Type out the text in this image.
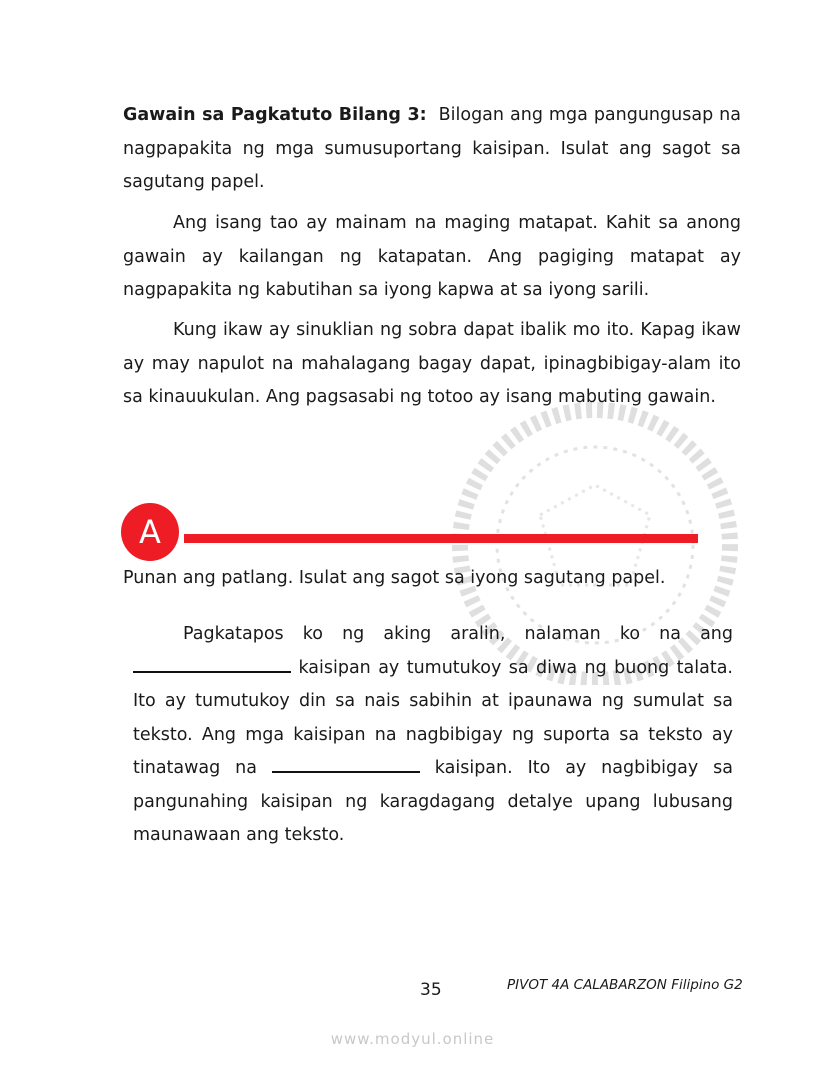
Gawain sa Pagkatuto Bilang 3: Bilogan ang mga pangungusap na nagpapakita ng mga sumusuportang kaisipan. Isulat ang sagot sa sagutang papel.
Ang isang tao ay mainam na maging matapat. Kahit sa anong gawain ay kailangan ng katapatan. Ang pagiging matapat ay nagpapakita ng kabutihan sa iyong kapwa at sa iyong sarili.
Kung ikaw ay sinuklian ng sobra dapat ibalik mo ito. Kapag ikaw ay may napulot na mahalagang bagay dapat, ipinagbibigay-alam ito sa kinauukulan. Ang pagsasabi ng totoo ay isang mabuting gawain.
A
Punan ang patlang. Isulat ang sagot sa iyong sagutang papel.
Pagkatapos ko ng aking aralin, nalaman ko na ang  kaisipan ay tumutukoy sa diwa ng buong talata. Ito ay tumutukoy din sa nais sabihin at ipaunawa ng sumulat sa teksto. Ang mga kaisipan na nagbibigay ng suporta sa teksto ay tinatawag na	kaisipan. Ito ay nagbibigay sa pangunahing kaisipan ng karagdagang detalye upang lubusang maunawaan ang teksto.
35	PIVOT 4A CALABARZON Filipino G2
www.modyul.online
